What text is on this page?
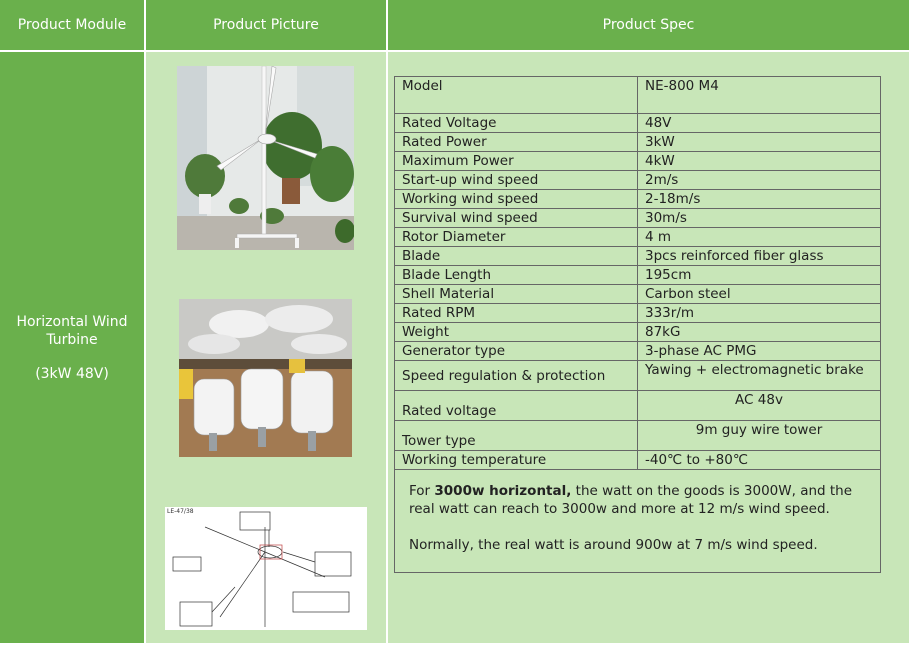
Product Module	Product Picture	Product Spec
Horizontal Wind
Turbine
(3kW 48V)
LE-47/38
Model	NE-800 M4
Rated Voltage	48V
Rated Power	3kW
Maximum Power	4kW
Start-up wind speed	2m/s
Working wind speed	2-18m/s
Survival wind speed	30m/s
Rotor Diameter	4 m
Blade	3pcs reinforced fiber glass
Blade Length	195cm
Shell Material	Carbon steel
Rated RPM	333r/m
Weight	87kG
Generator type	3-phase AC PMG
Speed regulation & protection	Yawing + electromagnetic brake
Rated voltage	AC 48v
Tower type	9m guy wire tower
Working temperature	-40℃ to +80℃

For 3000w horizontal, the watt on the goods is 3000W, and the real watt can reach to 3000w and more at 12 m/s wind speed.

Normally, the real watt is around 900w at 7 m/s wind speed.	
